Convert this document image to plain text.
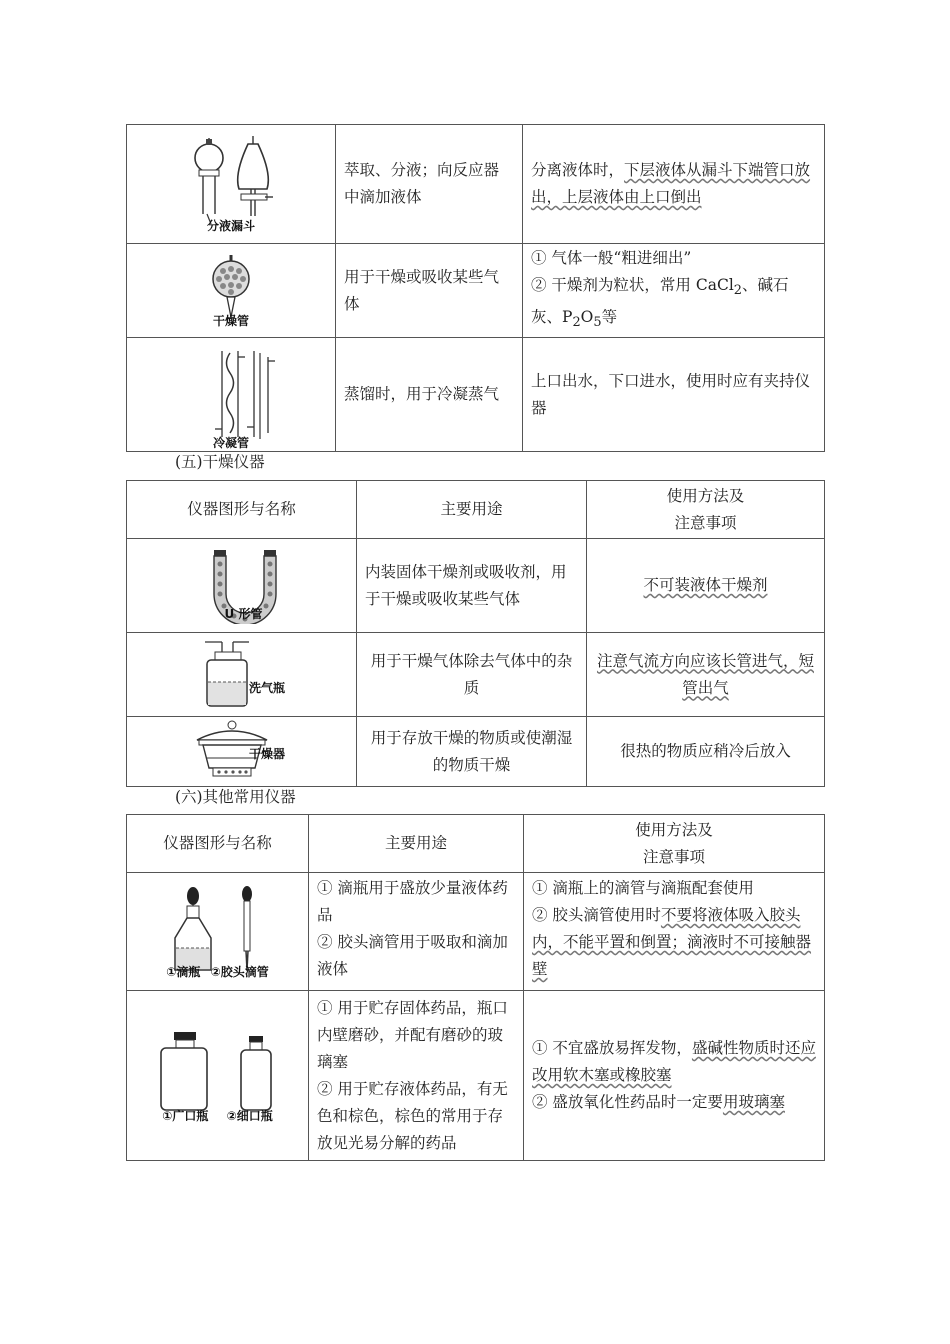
分液漏斗	萃取、分液；向反应器中滴加液体	分离液体时，下层液体从漏斗下端管口放出，上层液体由上口倒出

干燥管	用于干燥或吸收某些气体	① 气体一般“粗进细出”
② 干燥剂为粒状，常用 CaCl$_2$、碱石
灰、$P_2O_5$等

冷凝管	蒸馏时，用于冷凝蒸气	上口出水，下口进水，使用时应有夹持仪器
(五)干燥仪器
仪器图形与名称	主要用途	使用方法及
注意事项

U 形管	内装固体干燥剂或吸收剂，用于干燥或吸收某些气体	不可装液体干燥剂

洗气瓶	用于干燥气体除去气体中的杂质	注意气流方向应该长管进气，短管出气

干燥器	用于存放干燥的物质或使潮湿的物质干燥	很热的物质应稍冷后放入
(六)其他常用仪器
仪器图形与名称	主要用途	使用方法及
注意事项

①滴瓶 ②胶头滴管	① 滴瓶用于盛放少量液体药品
② 胶头滴管用于吸取和滴加液体	① 滴瓶上的滴管与滴瓶配套使用
② 胶头滴管使用时不要将液体吸入胶头内，不能平置和倒置；滴液时不可接触器壁

①广口瓶 ②细口瓶	① 用于贮存固体药品，瓶口内壁磨砂，并配有磨砂的玻璃塞
② 用于贮存液体药品，有无色和棕色，棕色的常用于存放见光易分解的药品	① 不宜盛放易挥发物，盛碱性物质时还应改用软木塞或橡胶塞
② 盛放氧化性药品时一定要用玻璃塞
